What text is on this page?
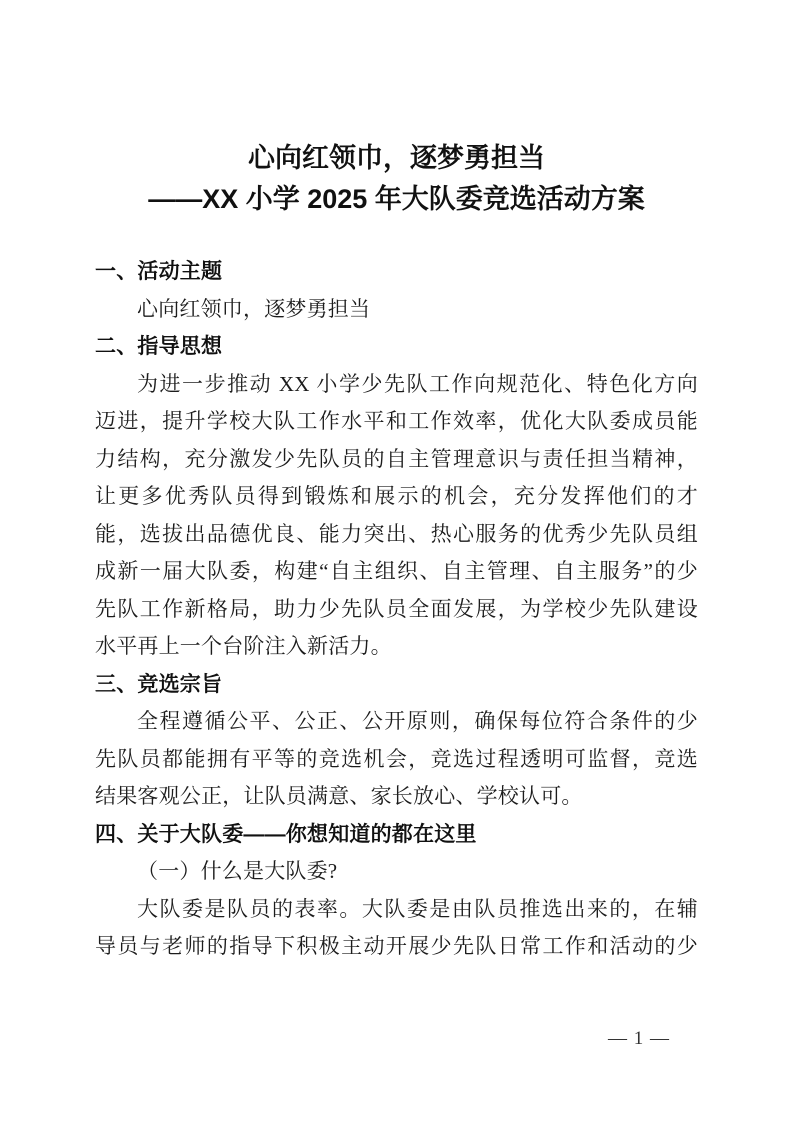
心向红领巾，逐梦勇担当
——XX 小学 2025 年大队委竞选活动方案
一、活动主题
心向红领巾，逐梦勇担当
二、指导思想
为进一步推动 XX 小学少先队工作向规范化、特色化方向
迈进，提升学校大队工作水平和工作效率，优化大队委成员能
力结构，充分激发少先队员的自主管理意识与责任担当精神，
让更多优秀队员得到锻炼和展示的机会，充分发挥他们的才
能，选拔出品德优良、能力突出、热心服务的优秀少先队员组
成新一届大队委，构建“自主组织、自主管理、自主服务”的少
先队工作新格局，助力少先队员全面发展，为学校少先队建设
水平再上一个台阶注入新活力。
三、竞选宗旨
全程遵循公平、公正、公开原则，确保每位符合条件的少
先队员都能拥有平等的竞选机会，竞选过程透明可监督，竞选
结果客观公正，让队员满意、家长放心、学校认可。
四、关于大队委——你想知道的都在这里
（一）什么是大队委?
大队委是队员的表率。大队委是由队员推选出来的，在辅
导员与老师的指导下积极主动开展少先队日常工作和活动的少
— 1 —
